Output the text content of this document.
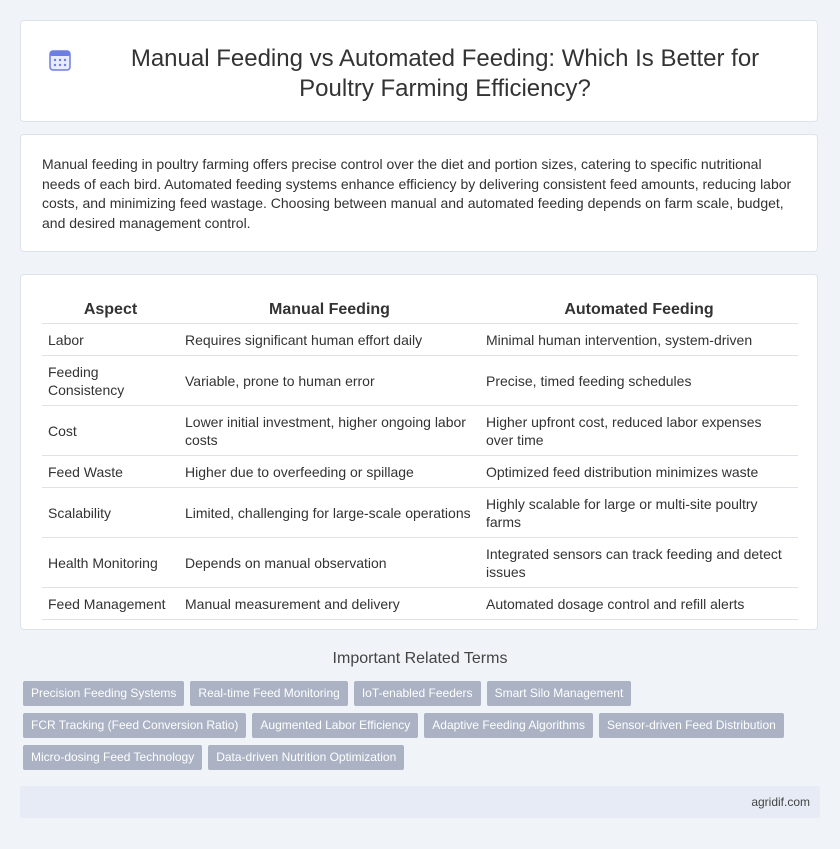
Manual Feeding vs Automated Feeding: Which Is Better for Poultry Farming Efficiency?

Manual feeding in poultry farming offers precise control over the diet and portion sizes, catering to specific nutritional needs of each bird. Automated feeding systems enhance efficiency by delivering consistent feed amounts, reducing labor costs, and minimizing feed wastage. Choosing between manual and automated feeding depends on farm scale, budget, and desired management control.

Aspect	Manual Feeding	Automated Feeding
Labor	Requires significant human effort daily	Minimal human intervention, system-driven
Feeding Consistency	Variable, prone to human error	Precise, timed feeding schedules
Cost	Lower initial investment, higher ongoing labor costs	Higher upfront cost, reduced labor expenses over time
Feed Waste	Higher due to overfeeding or spillage	Optimized feed distribution minimizes waste
Scalability	Limited, challenging for large-scale operations	Highly scalable for large or multi-site poultry farms
Health Monitoring	Depends on manual observation	Integrated sensors can track feeding and detect issues
Feed Management	Manual measurement and delivery	Automated dosage control and refill alerts
Important Related Terms
Precision Feeding Systems	Real-time Feed Monitoring	IoT-enabled Feeders	Smart Silo Management
FCR Tracking (Feed Conversion Ratio)	Augmented Labor Efficiency	Adaptive Feeding Algorithms	Sensor-driven Feed Distribution
Micro-dosing Feed Technology	Data-driven Nutrition Optimization
agridif.com
